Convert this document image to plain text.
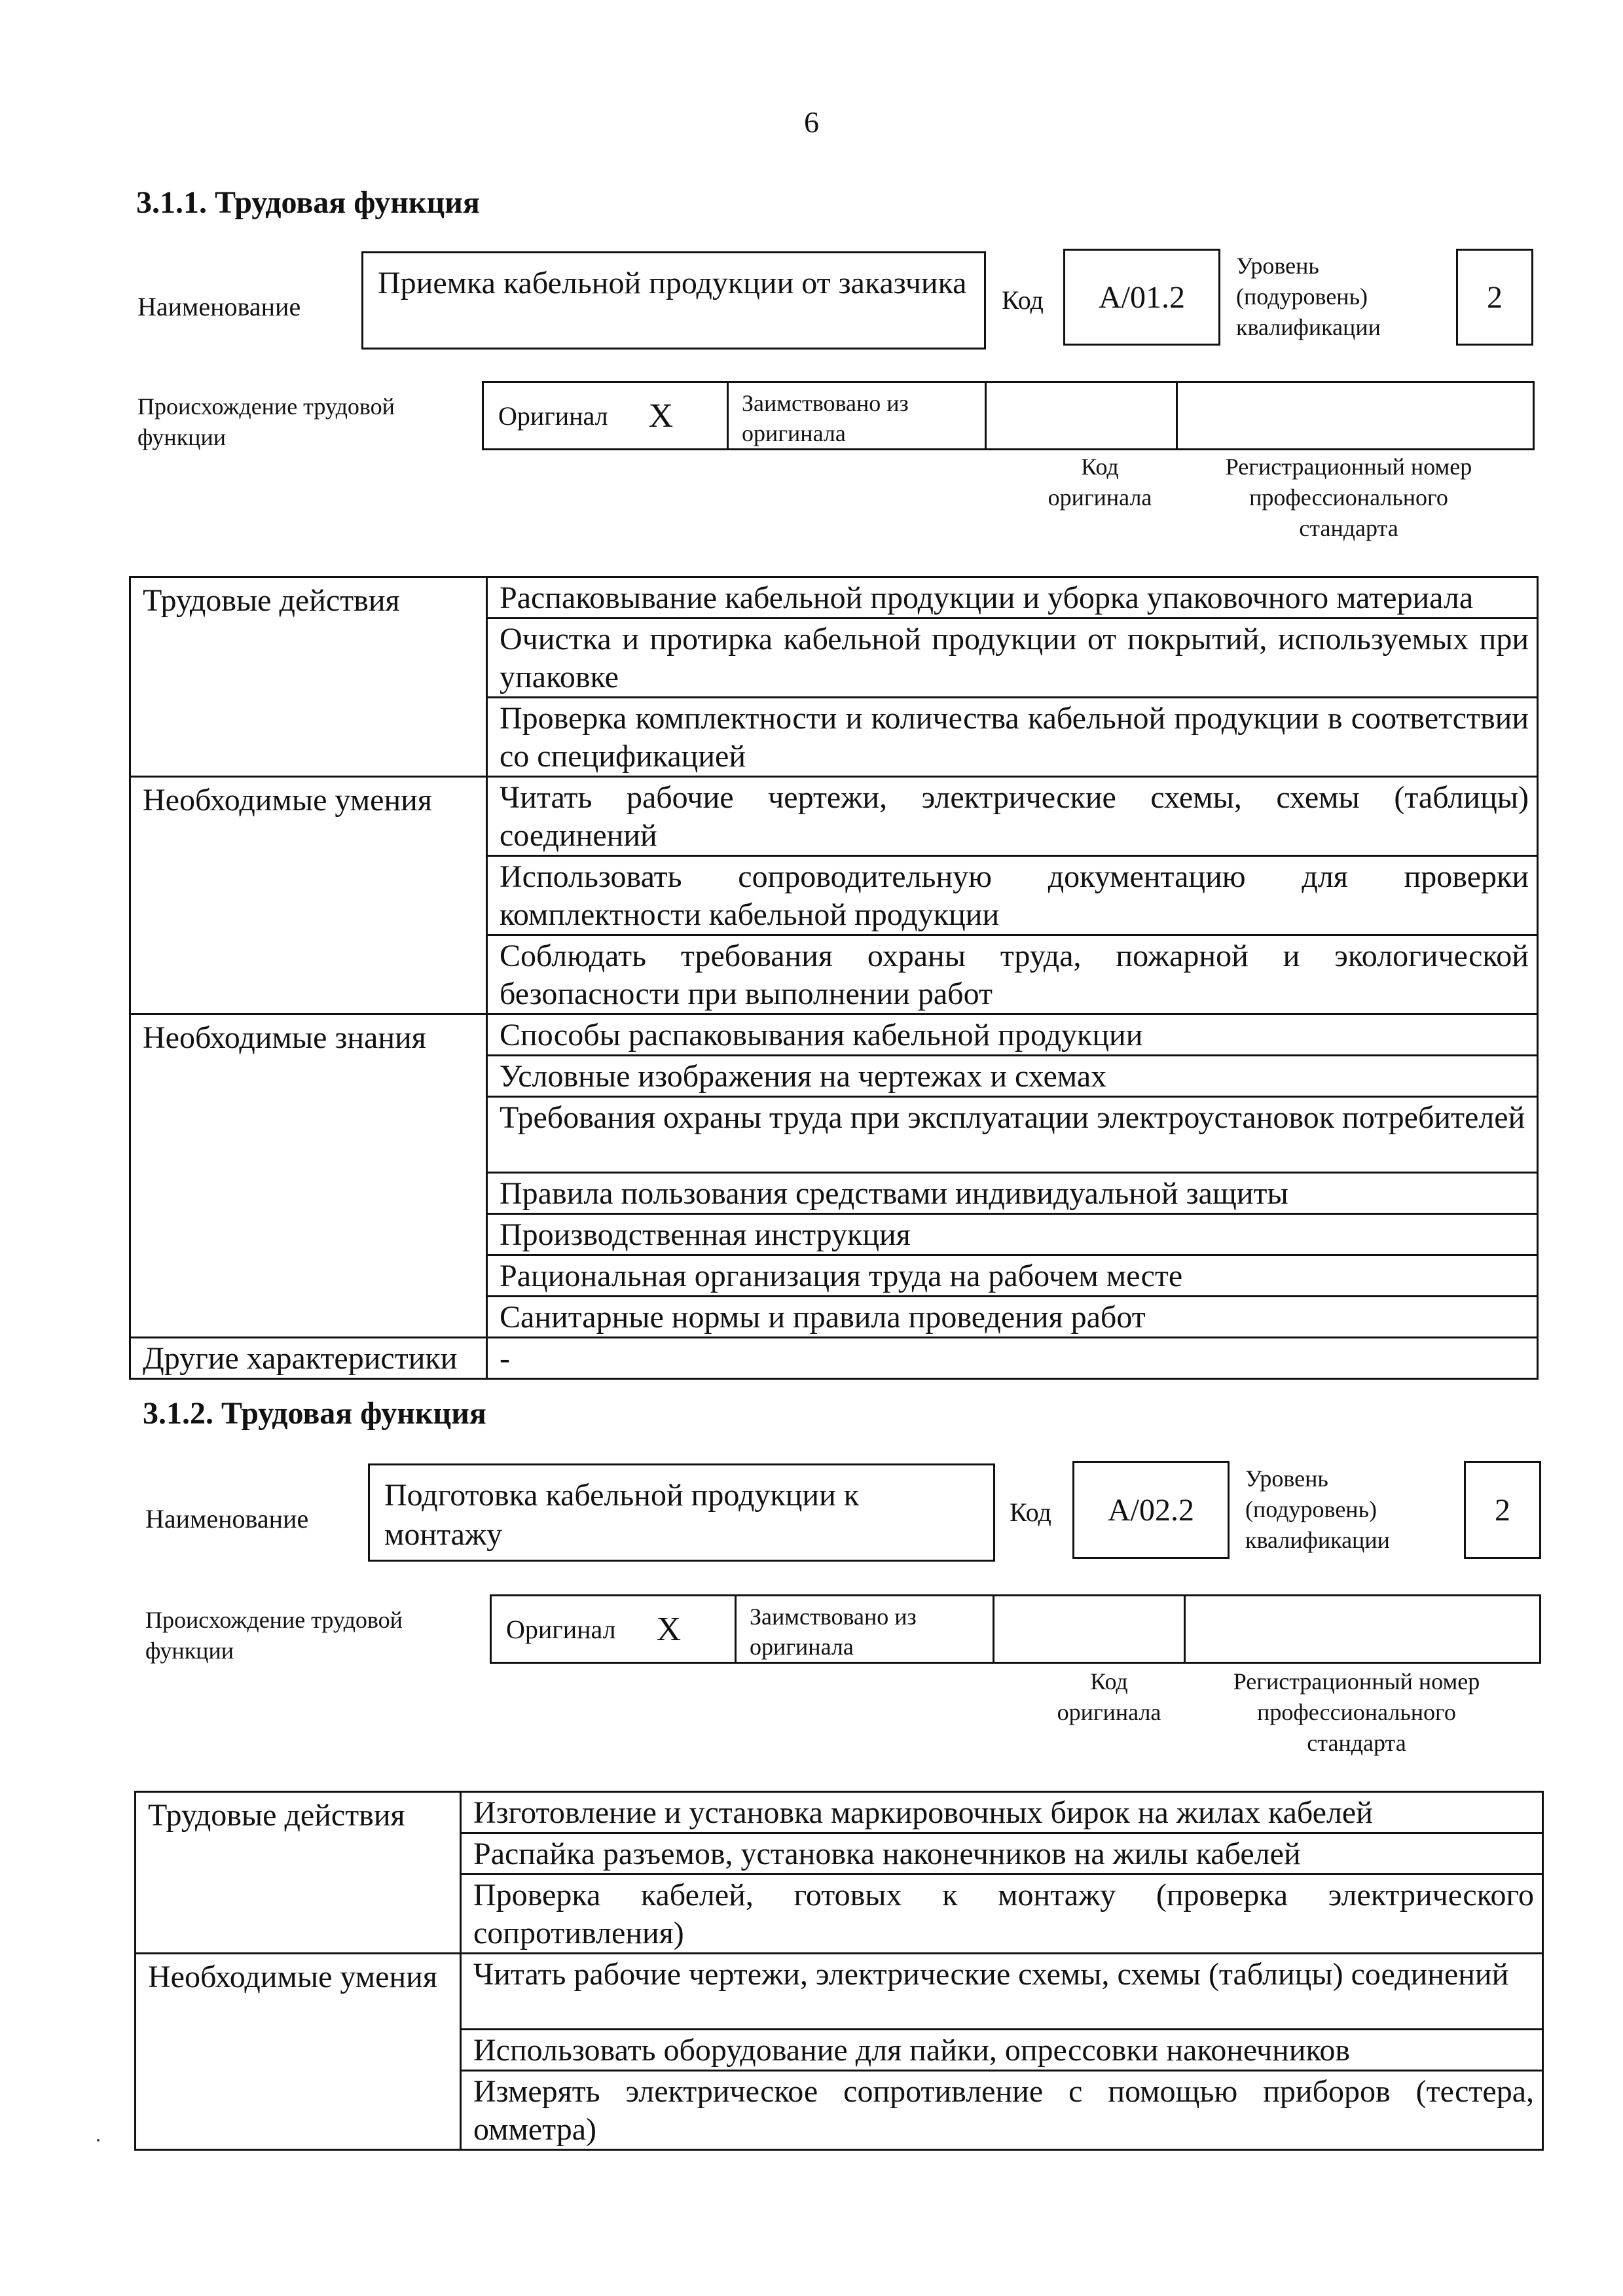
6
3.1.1. Трудовая функция
Наименование
Приемка кабельной продукции от заказчика	Код A/01.2
Уровень (подуровень) квалификации
2
Происхождение трудовой функции
Оригинал X	Заимствовано из оригинала
Код оригинала
Регистрационный номер профессионального стандарта
Трудовые действия	Распаковывание кабельной продукции и уборка упаковочного материала
	Очистка и протирка кабельной продукции от покрытий, используемых при упаковке
	Проверка комплектности и количества кабельной продукции в соответствии со спецификацией
Необходимые умения	Читать рабочие чертежи, электрические схемы, схемы (таблицы) соединений
	Использовать сопроводительную документацию для проверки комплектности кабельной продукции
	Соблюдать требования охраны труда, пожарной и экологической безопасности при выполнении работ
Необходимые знания	Способы распаковывания кабельной продукции
	Условные изображения на чертежах и схемах
	Требования охраны труда при эксплуатации электроустановок потребителей
	Правила пользования средствами индивидуальной защиты
	Производственная инструкция
	Рациональная организация труда на рабочем месте
	Санитарные нормы и правила проведения работ
Другие характеристики	-
3.1.2. Трудовая функция
Наименование
Подготовка кабельной продукции к монтажу
Код A/02.2
Уровень (подуровень) квалификации
2
Происхождение трудовой функции
Оригинал X	Заимствовано из оригинала
Код оригинала
Регистрационный номер профессионального стандарта
Трудовые действия	Изготовление и установка маркировочных бирок на жилах кабелей
	Распайка разъемов, установка наконечников на жилы кабелей
	Проверка кабелей, готовых к монтажу (проверка электрического сопротивления)
Необходимые умения	Читать рабочие чертежи, электрические схемы, схемы (таблицы) соединений
	Использовать оборудование для пайки, опрессовки наконечников
	Измерять электрическое сопротивление с помощью приборов (тестера, омметра)
